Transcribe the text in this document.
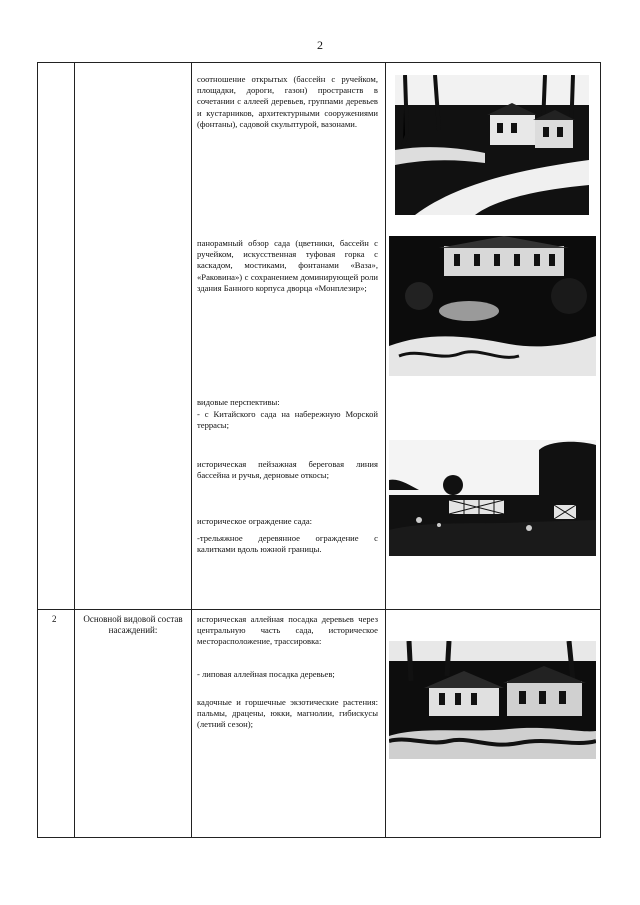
2
соотношение открытых (бассейн с ручейком, площадки, дороги, газон) пространств в сочетании с аллеей деревьев, группами деревьев и кустарников, архитектурными сооружениями (фонтаны), садовой скульптурой, вазонами.
панорамный обзор сада (цветники, бассейн с ручейком, искусственная туфовая горка с каскадом, мостиками, фонтанами «Ваза», «Раковина») с сохранением доминирующей роли здания Банного корпуса дворца «Монплезир»;
видовые перспективы:
- с Китайского сада на набережную Морской террасы;
историческая пейзажная береговая линия бассейна и ручья, дерновые откосы;
историческое ограждение сада:
-трельяжное деревянное ограждение с калитками вдоль южной границы.
2	Основной видовой состав насаждений:
историческая аллейная посадка деревьев через центральную часть сада, историческое месторасположение, трассировка:
- липовая аллейная посадка деревьев;
кадочные и горшечные экзотические растения: пальмы, драцены, юкки, магнолии, гибискусы (летний сезон);
